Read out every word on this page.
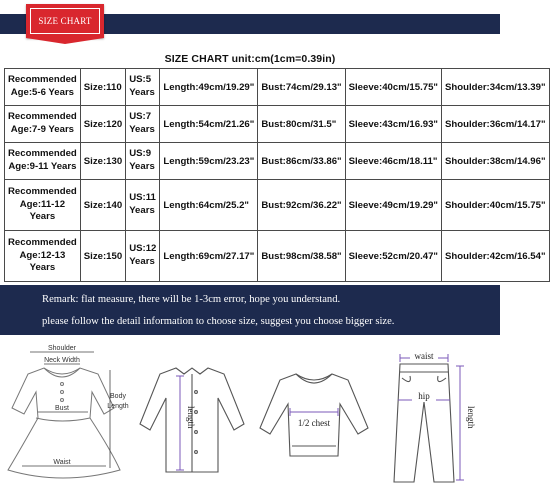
SIZE CHART
SIZE CHART unit:cm(1cm=0.39in)
Recommended Age:5-6 Years	Size:110	US:5 Years	Length:49cm/19.29"	Bust:74cm/29.13"	Sleeve:40cm/15.75"	Shoulder:34cm/13.39"
Recommended Age:7-9 Years	Size:120	US:7 Years	Length:54cm/21.26"	Bust:80cm/31.5"	Sleeve:43cm/16.93"	Shoulder:36cm/14.17"
Recommended Age:9-11 Years	Size:130	US:9 Years	Length:59cm/23.23"	Bust:86cm/33.86"	Sleeve:46cm/18.11"	Shoulder:38cm/14.96"
Recommended Age:11-12 Years	Size:140	US:11 Years	Length:64cm/25.2"	Bust:92cm/36.22"	Sleeve:49cm/19.29"	Shoulder:40cm/15.75"
Recommended Age:12-13 Years	Size:150	US:12 Years	Length:69cm/27.17"	Bust:98cm/38.58"	Sleeve:52cm/20.47"	Shoulder:42cm/16.54"
Remark: flat measure, there will be 1-3cm error, hope you understand.
please follow the detail information to choose size, suggest you choose bigger size.
Shoulder
Neck Width
Bust
Waist
Body
Length	length	1/2 chest
waist
hip
length
